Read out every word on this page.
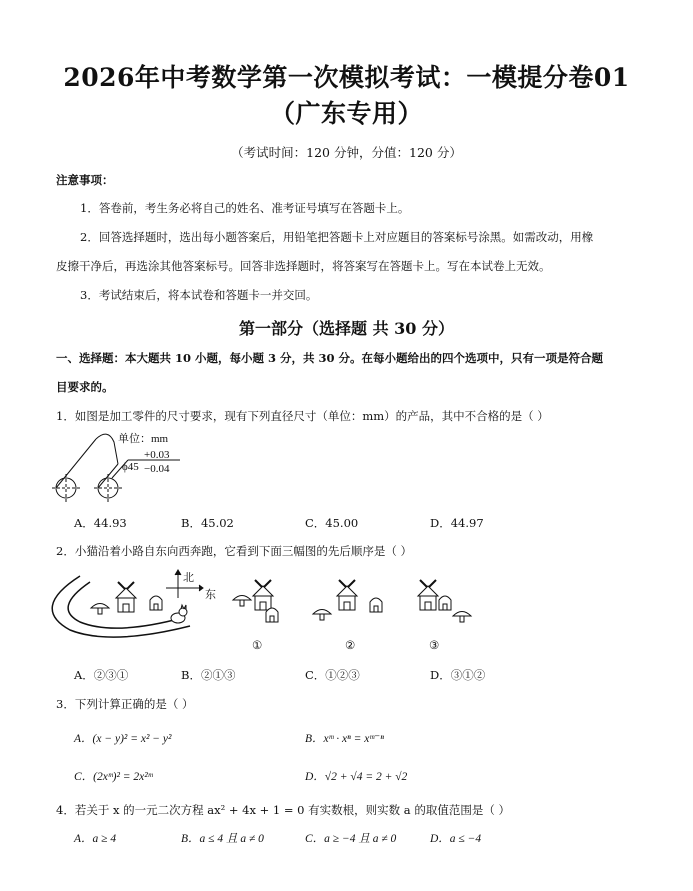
2026年中考数学第一次模拟考试：一模提分卷01
（广东专用）
（考试时间：120 分钟，分值：120 分）
注意事项：
1．答卷前，考生务必将自己的姓名、准考证号填写在答题卡上。
2．回答选择题时，选出每小题答案后，用铅笔把答题卡上对应题目的答案标号涂黑。如需改动，用橡
皮擦干净后，再选涂其他答案标号。回答非选择题时，将答案写在答题卡上。写在本试卷上无效。
3．考试结束后，将本试卷和答题卡一并交回。
第一部分（选择题 共 30 分）
一、选择题：本大题共 10 小题，每小题 3 分，共 30 分。在每小题给出的四个选项中，只有一项是符合题
目要求的。
1．如图是加工零件的尺寸要求，现有下列直径尺寸（单位：mm）的产品，其中不合格的是（ ）
单位：mm
+0.03
ϕ45 −0.04
A．44.93	B．45.02	C．45.00	D．44.97
2．小猫沿着小路自东向西奔跑，它看到下面三幅图的先后顺序是（ ）
北
东
①	②	③
A．②③①	B．②①③	C．①②③	D．③①②
3．下列计算正确的是（ ）
A．(x − y)² = x² − y²	B．xᵐ · xⁿ = xᵐ⁻ⁿ
C．(2xᵐ)² = 2x²ᵐ	D．√2 + √4 = 2 + √2
4．若关于 x 的一元二次方程 ax² + 4x + 1 = 0 有实数根，则实数 a 的取值范围是（ ）
A．a ≥ 4	B．a ≤ 4 且 a ≠ 0	C．a ≥ −4 且 a ≠ 0	D．a ≤ −4
